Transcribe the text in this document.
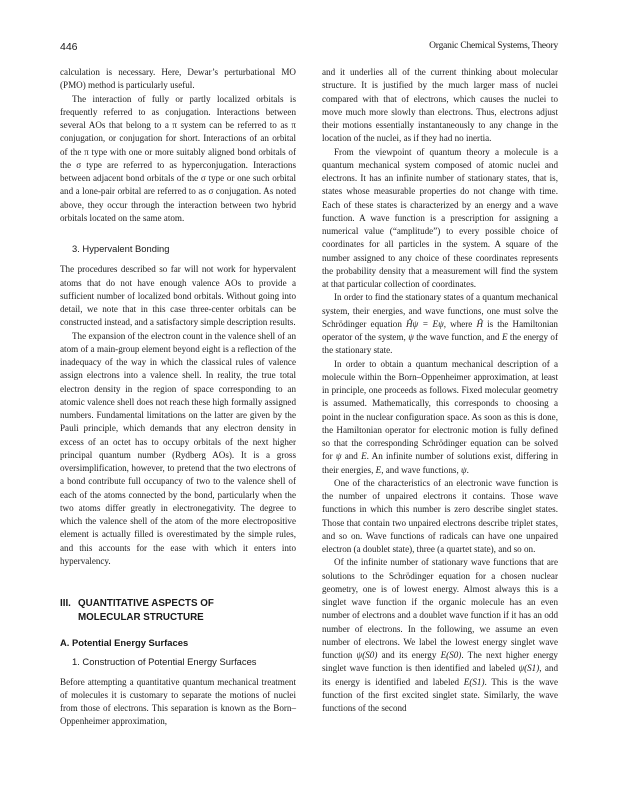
446	Organic Chemical Systems, Theory

calculation is necessary. Here, Dewar’s perturbational MO (PMO) method is particularly useful.

The interaction of fully or partly localized orbitals is frequently referred to as conjugation. Interactions between several AOs that belong to a π system can be referred to as π conjugation, or conjugation for short. Interactions of an orbital of the π type with one or more suitably aligned bond orbitals of the σ type are referred to as hyperconjugation. Interactions between adjacent bond orbitals of the σ type or one such orbital and a lone-pair orbital are referred to as σ conjugation. As noted above, they occur through the interaction between two hybrid orbitals located on the same atom.

3. Hypervalent Bonding

The procedures described so far will not work for hypervalent atoms that do not have enough valence AOs to provide a sufficient number of localized bond orbitals. Without going into detail, we note that in this case three-center orbitals can be constructed instead, and a satisfactory simple description results.

The expansion of the electron count in the valence shell of an atom of a main-group element beyond eight is a reflection of the inadequacy of the way in which the classical rules of valence assign electrons into a valence shell. In reality, the true total electron density in the region of space corresponding to an atomic valence shell does not reach these high formally assigned numbers. Fundamental limitations on the latter are given by the Pauli principle, which demands that any electron density in excess of an octet has to occupy orbitals of the next higher principal quantum number (Rydberg AOs). It is a gross oversimplification, however, to pretend that the two electrons of a bond contribute full occupancy of two to the valence shell of each of the atoms connected by the bond, particularly when the two atoms differ greatly in electronegativity. The degree to which the valence shell of the atom of the more electropositive element is actually filled is overestimated by the simple rules, and this accounts for the ease with which it enters into hypervalency.

III. QUANTITATIVE ASPECTS OF
MOLECULAR STRUCTURE

A. Potential Energy Surfaces

1. Construction of Potential Energy Surfaces

Before attempting a quantitative quantum mechanical treatment of molecules it is customary to separate the motions of nuclei from those of electrons. This separation is known as the Born–Oppenheimer approximation,

and it underlies all of the current thinking about molecular structure. It is justified by the much larger mass of nuclei compared with that of electrons, which causes the nuclei to move much more slowly than electrons. Thus, electrons adjust their motions essentially instantaneously to any change in the location of the nuclei, as if they had no inertia.

From the viewpoint of quantum theory a molecule is a quantum mechanical system composed of atomic nuclei and electrons. It has an infinite number of stationary states, that is, states whose measurable properties do not change with time. Each of these states is characterized by an energy and a wave function. A wave function is a prescription for assigning a numerical value (“amplitude”) to every possible choice of coordinates for all particles in the system. A square of the number assigned to any choice of these coordinates represents the probability density that a measurement will find the system at that particular collection of coordinates.

In order to find the stationary states of a quantum mechanical system, their energies, and wave functions, one must solve the Schrödinger equation Ĥψ = Eψ, where Ĥ is the Hamiltonian operator of the system, ψ the wave function, and E the energy of the stationary state.

In order to obtain a quantum mechanical description of a molecule within the Born–Oppenheimer approximation, at least in principle, one proceeds as follows. Fixed molecular geometry is assumed. Mathematically, this corresponds to choosing a point in the nuclear configuration space. As soon as this is done, the Hamiltonian operator for electronic motion is fully defined so that the corresponding Schrödinger equation can be solved for ψ and E. An infinite number of solutions exist, differing in their energies, E, and wave functions, ψ.

One of the characteristics of an electronic wave function is the number of unpaired electrons it contains. Those wave functions in which this number is zero describe singlet states. Those that contain two unpaired electrons describe triplet states, and so on. Wave functions of radicals can have one unpaired electron (a doublet state), three (a quartet state), and so on.

Of the infinite number of stationary wave functions that are solutions to the Schrödinger equation for a chosen nuclear geometry, one is of lowest energy. Almost always this is a singlet wave function if the organic molecule has an even number of electrons and a doublet wave function if it has an odd number of electrons. In the following, we assume an even number of electrons. We label the lowest energy singlet wave function ψ(S0) and its energy E(S0). The next higher energy singlet wave function is then identified and labeled ψ(S1), and its energy is identified and labeled E(S1). This is the wave function of the first excited singlet state. Similarly, the wave functions of the second
